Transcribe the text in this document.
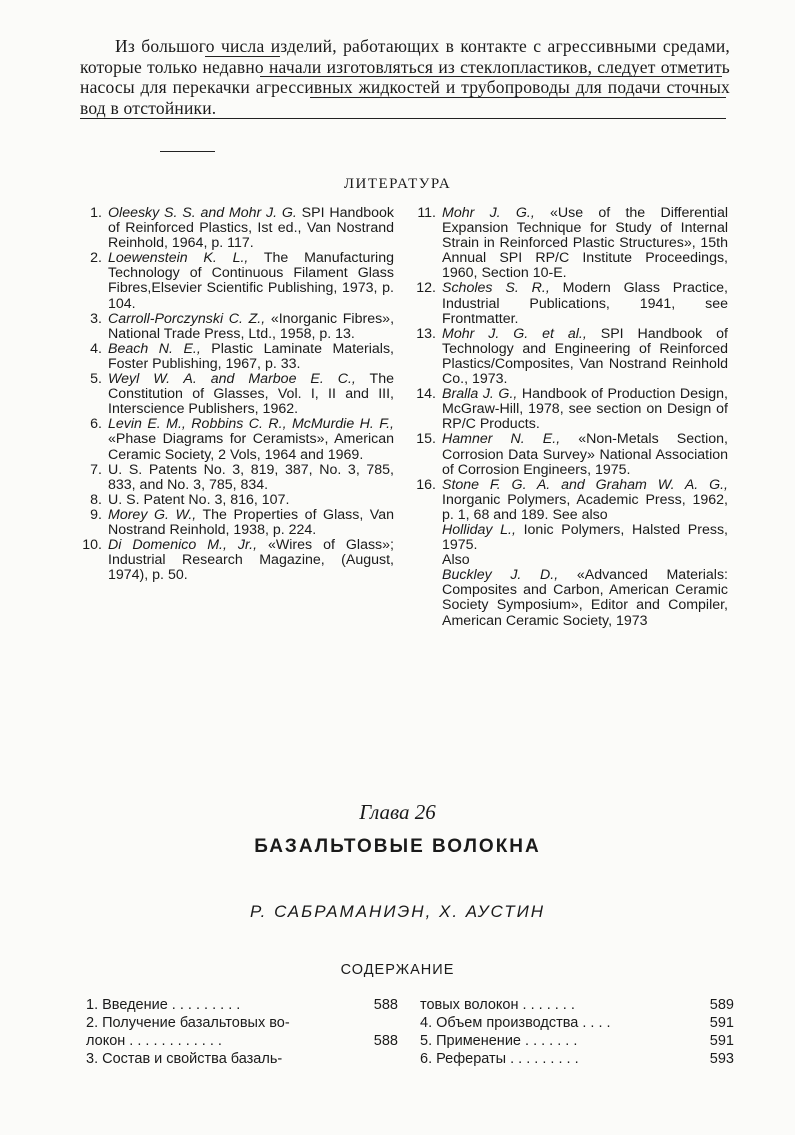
Из большого числа изделий, работающих в контакте с агрессивными средами, которые только недавно начали изготовляться из стеклопластиков, следует отметить насосы для перекачки агрессивных жидкостей и трубопроводы для подачи сточных вод в отстойники.
ЛИТЕРАТУРА
1. Oleesky S. S. and Mohr J. G. SPI Handbook of Reinforced Plastics, Ist ed., Van Nostrand Reinhold, 1964, p. 117.
2. Loewenstein K. L., The Manufacturing Technology of Continuous Filament Glass Fibres,Elsevier Scientific Publishing, 1973, p. 104.
3. Carroll-Porczynski C. Z., «Inorganic Fibres», National Trade Press, Ltd., 1958, p. 13.
4. Beach N. E., Plastic Laminate Materials, Foster Publishing, 1967, p. 33.
5. Weyl W. A. and Marboe E. C., The Constitution of Glasses, Vol. I, II and III, Interscience Publishers, 1962.
6. Levin E. M., Robbins C. R., McMurdie H. F., «Phase Diagrams for Ceramists», American Ceramic Society, 2 Vols, 1964 and 1969.
7. U. S. Patents No. 3, 819, 387, No. 3, 785, 833, and No. 3, 785, 834.
8. U. S. Patent No. 3, 816, 107.
9. Morey G. W., The Properties of Glass, Van Nostrand Reinhold, 1938, p. 224.
10. Di Domenico M., Jr., «Wires of Glass»; Industrial Research Magazine, (August, 1974), p. 50.
11. Mohr J. G., «Use of the Differential Expansion Technique for Study of Internal Strain in Reinforced Plastic Structures», 15th Annual SPI RP/C Institute Proceedings, 1960, Section 10-E.
12. Scholes S. R., Modern Glass Practice, Industrial Publications, 1941, see Frontmatter.
13. Mohr J. G. et al., SPI Handbook of Technology and Engineering of Reinforced Plastics/Composites, Van Nostrand Reinhold Co., 1973.
14. Bralla J. G., Handbook of Production Design, McGraw-Hill, 1978, see section on Design of RP/C Products.
15. Hamner N. E., «Non-Metals Section, Corrosion Data Survey» National Association of Corrosion Engineers, 1975.
16. Stone F. G. A. and Graham W. A. G., Inorganic Polymers, Academic Press, 1962, p. 1, 68 and 189. See also
Holliday L., Ionic Polymers, Halsted Press, 1975.
Also
Buckley J. D., «Advanced Materials: Composites and Carbon, American Ceramic Society Symposium», Editor and Compiler, American Ceramic Society, 1973
Глава 26
БАЗАЛЬТОВЫЕ ВОЛОКНА
Р. САБРАМАНИЭН, Х. АУСТИН
СОДЕРЖАНИЕ
1. Введение . . . . . . . . .	588
2. Получение базальтовых во-
локон . . . . . . . . . . . .	588
3. Состав и свойства базаль-
товых волокон . . . . . . .	589
4. Объем производства . . . .	591
5. Применение . . . . . . .	591
6. Рефераты . . . . . . . . .	593
